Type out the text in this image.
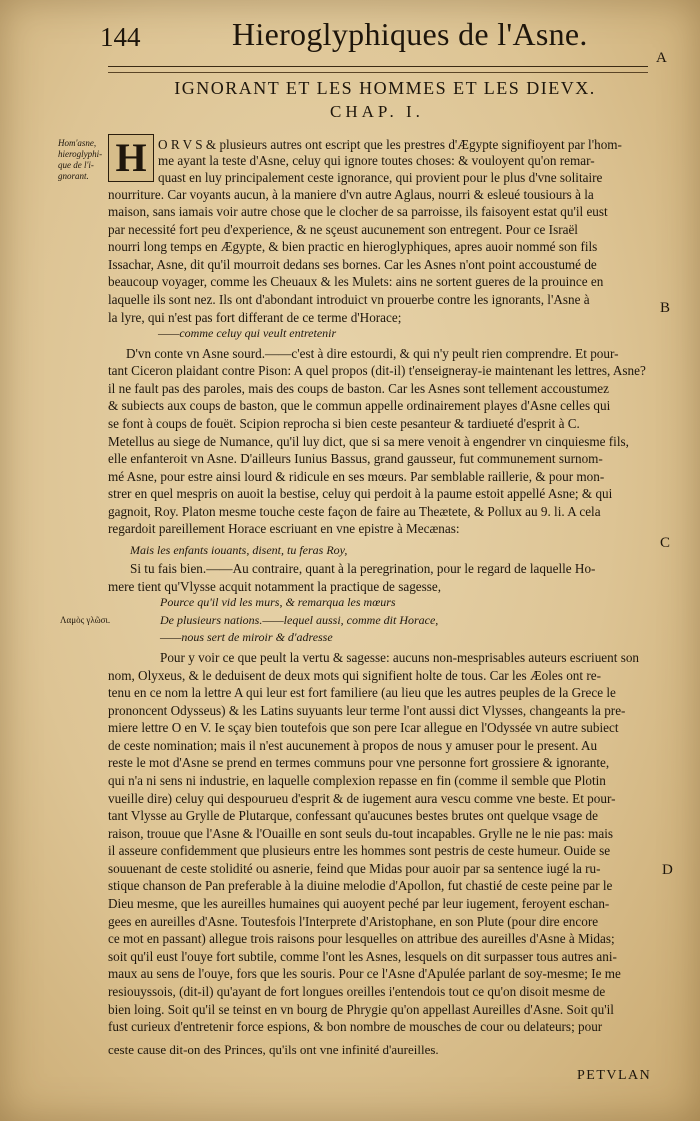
144	Hieroglyphiques de l'Asne.
A
IGNORANT ET LES HOMMES ET LES DIEVX.
CHAP. I.
Hom'asne,
hieroglyphi-
que de l'i-
gnorant.
Λαμὸς γλῶσι.
H O R V S & plusieurs autres ont escript que les prestres d'Ægypte signifioyent par l'hom-
me ayant la teste d'Asne, celuy qui ignore toutes choses: & vouloyent qu'on remar-
quast en luy principalement ceste ignorance, qui provient pour le plus d'vne solitaire
nourriture. Car voyants aucun, à la maniere d'vn autre Aglaus, nourri & esleué tousiours à la
maison, sans iamais voir autre chose que le clocher de sa parroisse, ils faisoyent estat qu'il eust
par necessité fort peu d'experience, & ne sçeust aucunement son entregent. Pour ce Israël
nourri long temps en Ægypte, & bien practic en hieroglyphiques, apres auoir nommé son fils
Issachar, Asne, dit qu'il mourroit dedans ses bornes. Car les Asnes n'ont point accoustumé de
beaucoup voyager, comme les Cheuaux & les Mulets: ains ne sortent gueres de la prouince en
laquelle ils sont nez. Ils ont d'abondant introduict vn prouerbe contre les ignorants, l'Asne à
la lyre, qui n'est pas fort differant de ce terme d'Horace;
B
——comme celuy qui veult entretenir
D'vn conte vn Asne sourd.——c'est à dire estourdi, & qui n'y peult rien comprendre. Et pour-
tant Ciceron plaidant contre Pison: A quel propos (dit-il) t'enseigneray-ie maintenant les lettres, Asne?
il ne fault pas des paroles, mais des coups de baston. Car les Asnes sont tellement accoustumez
& subiects aux coups de baston, que le commun appelle ordinairement playes d'Asne celles qui
se font à coups de fouët. Scipion reprocha si bien ceste pesanteur & tardiueté d'esprit à C.
Metellus au siege de Numance, qu'il luy dict, que si sa mere venoit à engendrer vn cinquiesme fils,
elle enfanteroit vn Asne. D'ailleurs Iunius Bassus, grand gausseur, fut communement surnom-
mé Asne, pour estre ainsi lourd & ridicule en ses mœurs. Par semblable raillerie, & pour mon-
strer en quel mespris on auoit la bestise, celuy qui perdoit à la paume estoit appellé Asne; & qui
gagnoit, Roy. Platon mesme touche ceste façon de faire au Theætete, & Pollux au 9. li. A cela
regardoit pareillement Horace escriuant en vne epistre à Mecænas:
Mais les enfants iouants, disent, tu feras Roy,
Si tu fais bien.——Au contraire, quant à la peregrination, pour le regard de laquelle Ho-
mere tient qu'Vlysse acquit notamment la practique de sagesse,
C
Pource qu'il vid les murs, & remarqua les mœurs
De plusieurs nations.——lequel aussi, comme dit Horace,
——nous sert de miroir & d'adresse
Pour y voir ce que peult la vertu & sagesse: aucuns non-mesprisables auteurs escriuent son
nom, Olyxeus, & le deduisent de deux mots qui signifient holte de tous. Car les Æoles ont re-
tenu en ce nom la lettre A qui leur est fort familiere (au lieu que les autres peuples de la Grece le
prononcent Odysseus) & les Latins suyuants leur terme l'ont aussi dict Vlysses, changeants la pre-
miere lettre O en V. Ie sçay bien toutefois que son pere Icar allegue en l'Odyssée vn autre subiect
de ceste nomination; mais il n'est aucunement à propos de nous y amuser pour le present. Au
reste le mot d'Asne se prend en termes communs pour vne personne fort grossiere & ignorante,
qui n'a ni sens ni industrie, en laquelle complexion repasse en fin (comme il semble que Plotin
vueille dire) celuy qui despourueu d'esprit & de iugement aura vescu comme vne beste. Et pour-
tant Vlysse au Grylle de Plutarque, confessant qu'aucunes bestes brutes ont quelque vsage de
raison, trouue que l'Asne & l'Ouaille en sont seuls du-tout incapables. Grylle ne le nie pas: mais
il asseure confidemment que plusieurs entre les hommes sont pestris de ceste humeur. Ouide se
souuenant de ceste stolidité ou asnerie, feind que Midas pour auoir par sa sentence iugé la ru-
stique chanson de Pan preferable à la diuine melodie d'Apollon, fut chastié de ceste peine par le
Dieu mesme, que les aureilles humaines qui auoyent peché par leur iugement, feroyent eschan-
gees en aureilles d'Asne. Toutesfois l'Interprete d'Aristophane, en son Plute (pour dire encore
ce mot en passant) allegue trois raisons pour lesquelles on attribue des aureilles d'Asne à Midas;
soit qu'il eust l'ouye fort subtile, comme l'ont les Asnes, lesquels on dit surpasser tous autres ani-
maux au sens de l'ouye, fors que les souris. Pour ce l'Asne d'Apulée parlant de soy-mesme; Ie me
resiouyssois, (dit-il) qu'ayant de fort longues oreilles i'entendois tout ce qu'on disoit mesme de
bien loing. Soit qu'il se teinst en vn bourg de Phrygie qu'on appellast Aureilles d'Asne. Soit qu'il
fust curieux d'entretenir force espions, & bon nombre de mousches de cour ou delateurs; pour
D
ceste cause dit-on des Princes, qu'ils ont vne infinité d'aureilles.
PETVLAN
